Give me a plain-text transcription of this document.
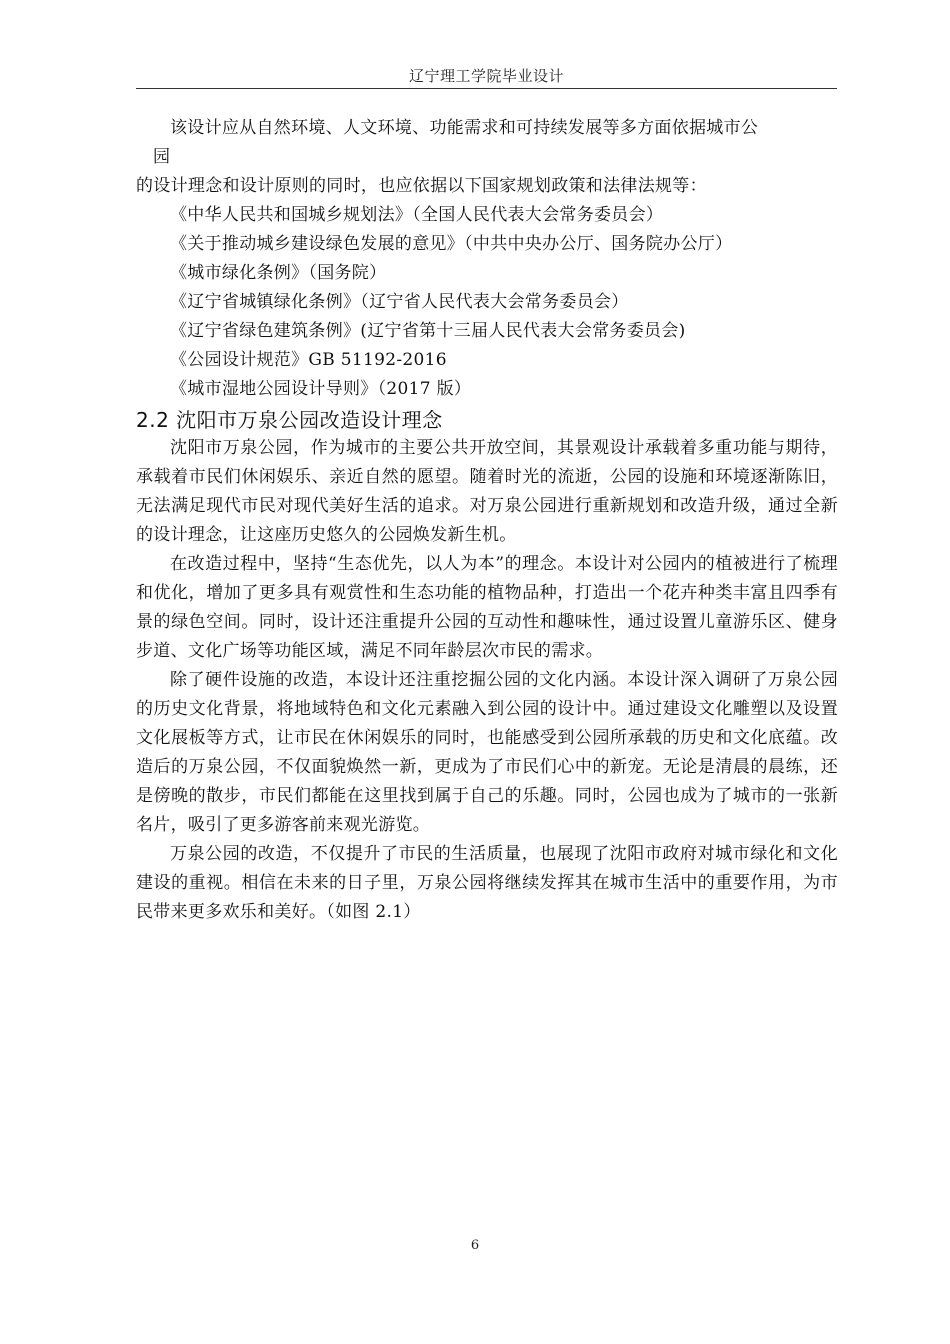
辽宁理工学院毕业设计

该设计应从自然环境、人文环境、功能需求和可持续发展等多方面依据城市公

园

的设计理念和设计原则的同时，也应依据以下国家规划政策和法律法规等：

《中华人民共和国城乡规划法》（全国人民代表大会常务委员会）
《关于推动城乡建设绿色发展的意见》（中共中央办公厅、国务院办公厅）
《城市绿化条例》（国务院）
《辽宁省城镇绿化条例》（辽宁省人民代表大会常务委员会）
《辽宁省绿色建筑条例》(辽宁省第十三届人民代表大会常务委员会)
《公园设计规范》GB 51192-2016
《城市湿地公园设计导则》（2017 版）
2.2 沈阳市万泉公园改造设计理念

沈阳市万泉公园，作为城市的主要公共开放空间，其景观设计承载着多重功能与期待，承载着市民们休闲娱乐、亲近自然的愿望。随着时光的流逝，公园的设施和环境逐渐陈旧，无法满足现代市民对现代美好生活的追求。对万泉公园进行重新规划和改造升级，通过全新的设计理念，让这座历史悠久的公园焕发新生机。

在改造过程中，坚持“生态优先，以人为本”的理念。本设计对公园内的植被进行了梳理和优化，增加了更多具有观赏性和生态功能的植物品种，打造出一个花卉种类丰富且四季有景的绿色空间。同时，设计还注重提升公园的互动性和趣味性，通过设置儿童游乐区、健身步道、文化广场等功能区域，满足不同年龄层次市民的需求。

除了硬件设施的改造，本设计还注重挖掘公园的文化内涵。本设计深入调研了万泉公园的历史文化背景，将地域特色和文化元素融入到公园的设计中。通过建设文化雕塑以及设置文化展板等方式，让市民在休闲娱乐的同时，也能感受到公园所承载的历史和文化底蕴。改造后的万泉公园，不仅面貌焕然一新，更成为了市民们心中的新宠。无论是清晨的晨练，还是傍晚的散步，市民们都能在这里找到属于自己的乐趣。同时，公园也成为了城市的一张新名片，吸引了更多游客前来观光游览。

万泉公园的改造，不仅提升了市民的生活质量，也展现了沈阳市政府对城市绿化和文化建设的重视。相信在未来的日子里，万泉公园将继续发挥其在城市生活中的重要作用，为市民带来更多欢乐和美好。（如图 2.1）

6
